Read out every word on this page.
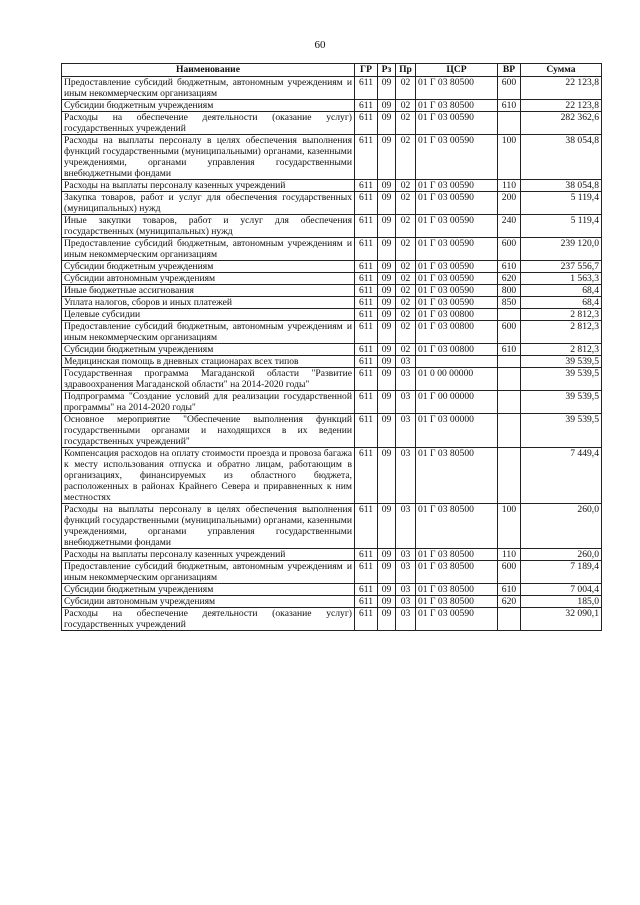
60
Наименование	ГР	Рз	Пр	ЦСР	ВР	Сумма
Предоставление субсидий бюджетным, автономным учреждениям и иным некоммерческим организациям	611	09	02	01 Г 03 80500	600	22 123,8
Субсидии бюджетным учреждениям	611	09	02	01 Г 03 80500	610	22 123,8
Расходы на обеспечение деятельности (оказание услуг) государственных учреждений	611	09	02	01 Г 03 00590		282 362,6
Расходы на выплаты персоналу в целях обеспечения выполнения функций государственными (муниципальными) органами, казенными учреждениями, органами управления государственными внебюджетными фондами	611	09	02	01 Г 03 00590	100	38 054,8
Расходы на выплаты персоналу казенных учреждений	611	09	02	01 Г 03 00590	110	38 054,8
Закупка товаров, работ и услуг для обеспечения государственных (муниципальных) нужд	611	09	02	01 Г 03 00590	200	5 119,4
Иные закупки товаров, работ и услуг для обеспечения государственных (муниципальных) нужд	611	09	02	01 Г 03 00590	240	5 119,4
Предоставление субсидий бюджетным, автономным учреждениям и иным некоммерческим организациям	611	09	02	01 Г 03 00590	600	239 120,0
Субсидии бюджетным учреждениям	611	09	02	01 Г 03 00590	610	237 556,7
Субсидии автономным учреждениям	611	09	02	01 Г 03 00590	620	1 563,3
Иные бюджетные ассигнования	611	09	02	01 Г 03 00590	800	68,4
Уплата налогов, сборов и иных платежей	611	09	02	01 Г 03 00590	850	68,4
Целевые субсидии	611	09	02	01 Г 03 00800		2 812,3
Предоставление субсидий бюджетным, автономным учреждениям и иным некоммерческим организациям	611	09	02	01 Г 03 00800	600	2 812,3
Субсидии бюджетным учреждениям	611	09	02	01 Г 03 00800	610	2 812,3
Медицинская помощь в дневных стационарах всех типов	611	09	03			39 539,5
Государственная программа Магаданской области "Развитие здравоохранения Магаданской области" на 2014-2020 годы"	611	09	03	01 0 00 00000		39 539,5
Подпрограмма "Создание условий для реализации государственной программы" на 2014-2020 годы"	611	09	03	01 Г 00 00000		39 539,5
Основное мероприятие "Обеспечение выполнения функций государственными органами и находящихся в их ведении государственных учреждений"	611	09	03	01 Г 03 00000		39 539,5
Компенсация расходов на оплату стоимости проезда и провоза багажа к месту использования отпуска и обратно лицам, работающим в организациях, финансируемых из областного бюджета, расположенных в районах Крайнего Севера и приравненных к ним местностях	611	09	03	01 Г 03 80500		7 449,4
Расходы на выплаты персоналу в целях обеспечения выполнения функций государственными (муниципальными) органами, казенными учреждениями, органами управления государственными внебюджетными фондами	611	09	03	01 Г 03 80500	100	260,0
Расходы на выплаты персоналу казенных учреждений	611	09	03	01 Г 03 80500	110	260,0
Предоставление субсидий бюджетным, автономным учреждениям и иным некоммерческим организациям	611	09	03	01 Г 03 80500	600	7 189,4
Субсидии бюджетным учреждениям	611	09	03	01 Г 03 80500	610	7 004,4
Субсидии автономным учреждениям	611	09	03	01 Г 03 80500	620	185,0
Расходы на обеспечение деятельности (оказание услуг) государственных учреждений	611	09	03	01 Г 03 00590		32 090,1
